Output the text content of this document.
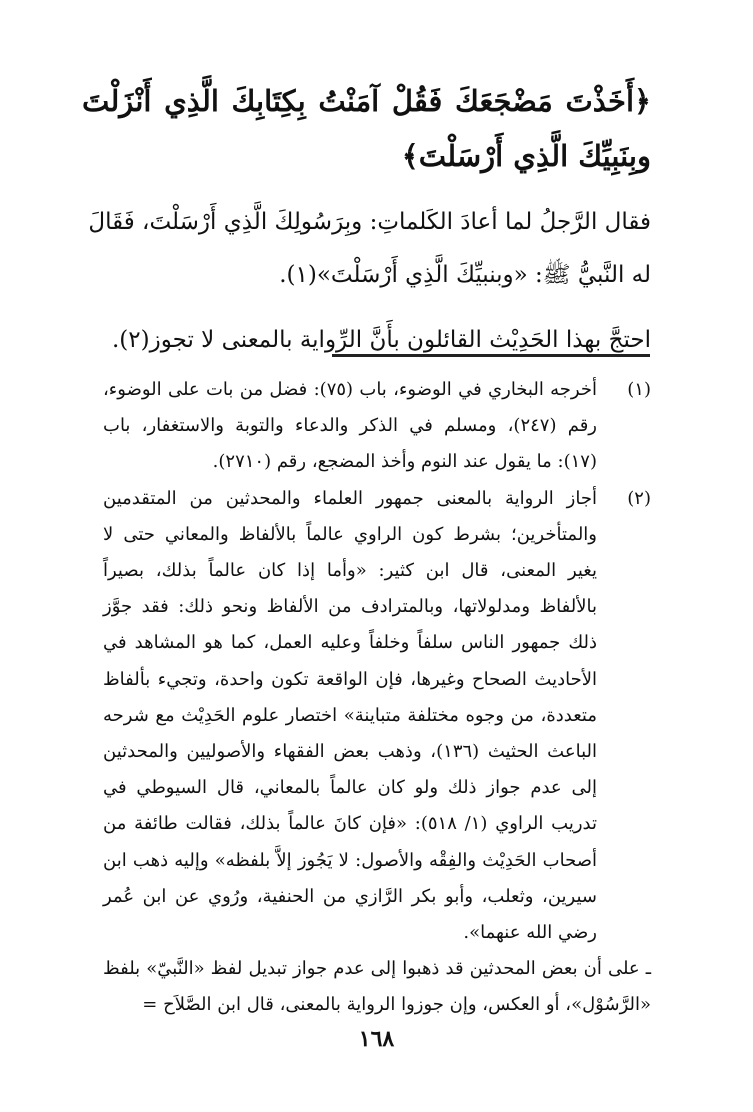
﴿أَخَذْتَ مَضْجَعَكَ فَقُلْ آمَنْتُ بِكِتَابِكَ الَّذِي أَنْزَلْتَ وبِنَبِيِّكَ الَّذِي أَرْسَلْتَ﴾

فقال الرَّجلُ لما أعادَ الكَلماتِ: وبِرَسُولِكَ الَّذِي أَرْسَلْتَ، فَقَالَ له النَّبيُّ ﷺ: «وبنبيِّكَ الَّذِي أَرْسَلْتَ»(١).

احتجَّ بهذا الحَدِيْث القائلون بأَنَّ الرِّواية بالمعنى لا تجوز(٢).

(١)
أخرجه البخاري في الوضوء، باب (٧٥): فضل من بات على الوضوء، رقم (٢٤٧)، ومسلم في الذكر والدعاء والتوبة والاستغفار، باب (١٧): ما يقول عند النوم وأخذ المضجع، رقم (٢٧١٠).
(٢)
أجاز الرواية بالمعنى جمهور العلماء والمحدثين من المتقدمين والمتأخرين؛ بشرط كون الراوي عالماً بالألفاظ والمعاني حتى لا يغير المعنى، قال ابن كثير: «وأما إذا كان عالماً بذلك، بصيراً بالألفاظ ومدلولاتها، وبالمترادف من الألفاظ ونحو ذلك: فقد جوَّز ذلك جمهور الناس سلفاً وخلفاً وعليه العمل، كما هو المشاهد في الأحاديث الصحاح وغيرها، فإن الواقعة تكون واحدة، وتجيء بألفاظ متعددة، من وجوه مختلفة متباينة» اختصار علوم الحَدِيْث مع شرحه الباعث الحثيث (١٣٦)، وذهب بعض الفقهاء والأصوليين والمحدثين إلى عدم جواز ذلك ولو كان عالماً بالمعاني، قال السيوطي في تدريب الراوي (١/ ٥١٨): «فإن كانَ عالماً بذلك، فقالت طائفة من أصحاب الحَدِيْث والفِقْه والأصول: لا يَجُوز إلاَّ بلفظه» وإليه ذهب ابن سيرين، وثعلب، وأبو بكر الرَّازي من الحنفية، ورُوي عن ابن عُمر رضي الله عنهما».

ـ على أن بعض المحدثين قد ذهبوا إلى عدم جواز تبديل لفظ «النَّبيّ» بلفظ «الرَّسُوْل»، أو العكس، وإن جوزوا الرواية بالمعنى، قال ابن الصَّلاَح =

١٦٨
